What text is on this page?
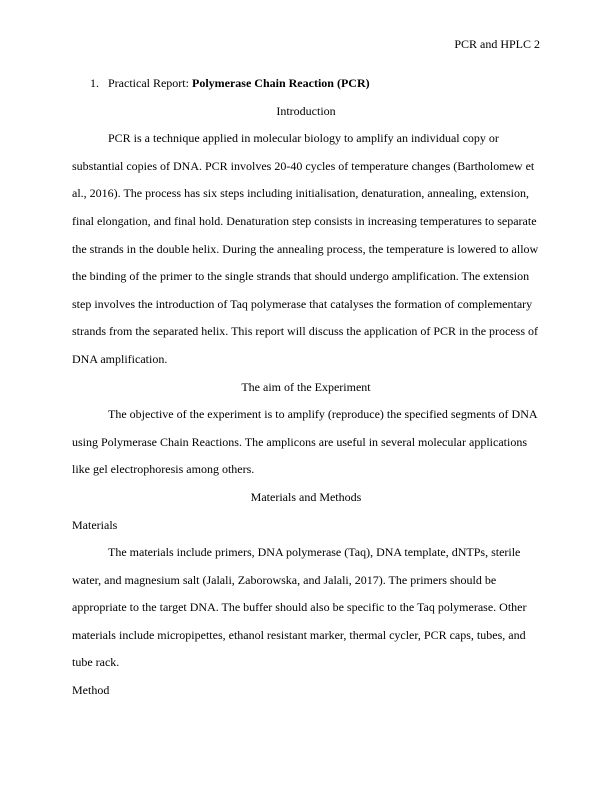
PCR and HPLC 2

1. Practical Report: Polymerase Chain Reaction (PCR)

Introduction

PCR is a technique applied in molecular biology to amplify an individual copy or substantial copies of DNA. PCR involves 20-40 cycles of temperature changes (Bartholomew et al., 2016). The process has six steps including initialisation, denaturation, annealing, extension, final elongation, and final hold. Denaturation step consists in increasing temperatures to separate the strands in the double helix. During the annealing process, the temperature is lowered to allow the binding of the primer to the single strands that should undergo amplification. The extension step involves the introduction of Taq polymerase that catalyses the formation of complementary strands from the separated helix. This report will discuss the application of PCR in the process of DNA amplification.

The aim of the Experiment

The objective of the experiment is to amplify (reproduce) the specified segments of DNA using Polymerase Chain Reactions. The amplicons are useful in several molecular applications like gel electrophoresis among others.

Materials and Methods

Materials

The materials include primers, DNA polymerase (Taq), DNA template, dNTPs, sterile water, and magnesium salt (Jalali, Zaborowska, and Jalali, 2017). The primers should be appropriate to the target DNA. The buffer should also be specific to the Taq polymerase. Other materials include micropipettes, ethanol resistant marker, thermal cycler, PCR caps, tubes, and tube rack.

Method
